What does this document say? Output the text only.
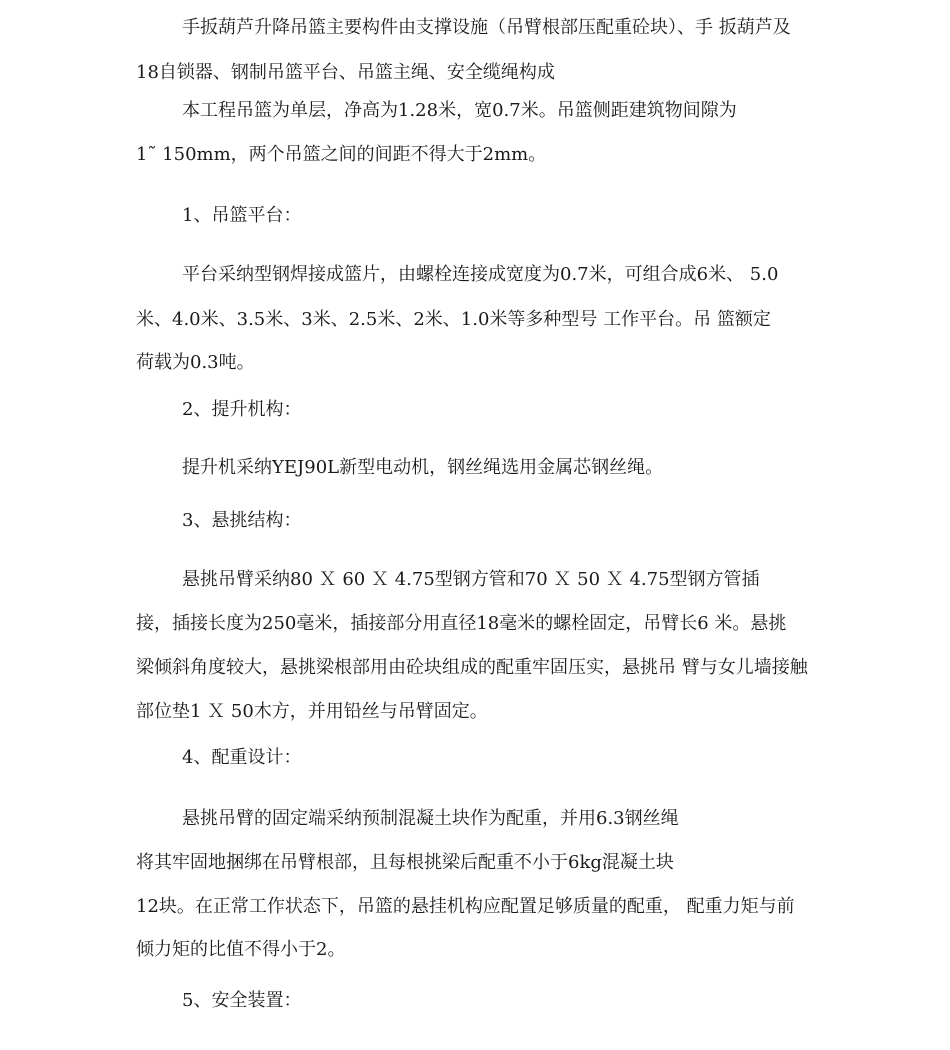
手扳葫芦升降吊篮主要构件由支撑设施（吊臂根部压配重砼块）、手 扳葫芦及
18自锁器、钢制吊篮平台、吊篮主绳、安全缆绳构成
本工程吊篮为单层，净高为1.28米，宽0.7米。吊篮侧距建筑物间隙为
1˜ 150mm，两个吊篮之间的间距不得大于2mm。
1、吊篮平台：
平台采纳型钢焊接成篮片，由螺栓连接成宽度为0.7米，可组合成6米、 5.0
米、4.0米、3.5米、3米、2.5米、2米、1.0米等多种型号 工作平台。吊 篮额定
荷载为0.3吨。
2、提升机构：
提升机采纳YEJ90L新型电动机，钢丝绳选用金属芯钢丝绳。
3、悬挑结构：
悬挑吊臂采纳80 Ｘ 60 Ｘ 4.75型钢方管和70 Ｘ 50 Ｘ 4.75型钢方管插
接，插接长度为250毫米，插接部分用直径18毫米的螺栓固定，吊臂长6 米。悬挑
梁倾斜角度较大，悬挑梁根部用由砼块组成的配重牢固压实，悬挑吊 臂与女儿墙接触
部位垫1 Ｘ 50木方，并用铅丝与吊臂固定。
4、配重设计：
悬挑吊臂的固定端采纳预制混凝土块作为配重，并用6.3钢丝绳
将其牢固地捆绑在吊臂根部，且每根挑梁后配重不小于6kg混凝土块
12块。在正常工作状态下，吊篮的悬挂机构应配置足够质量的配重， 配重力矩与前
倾力矩的比值不得小于2。
5、安全装置：
